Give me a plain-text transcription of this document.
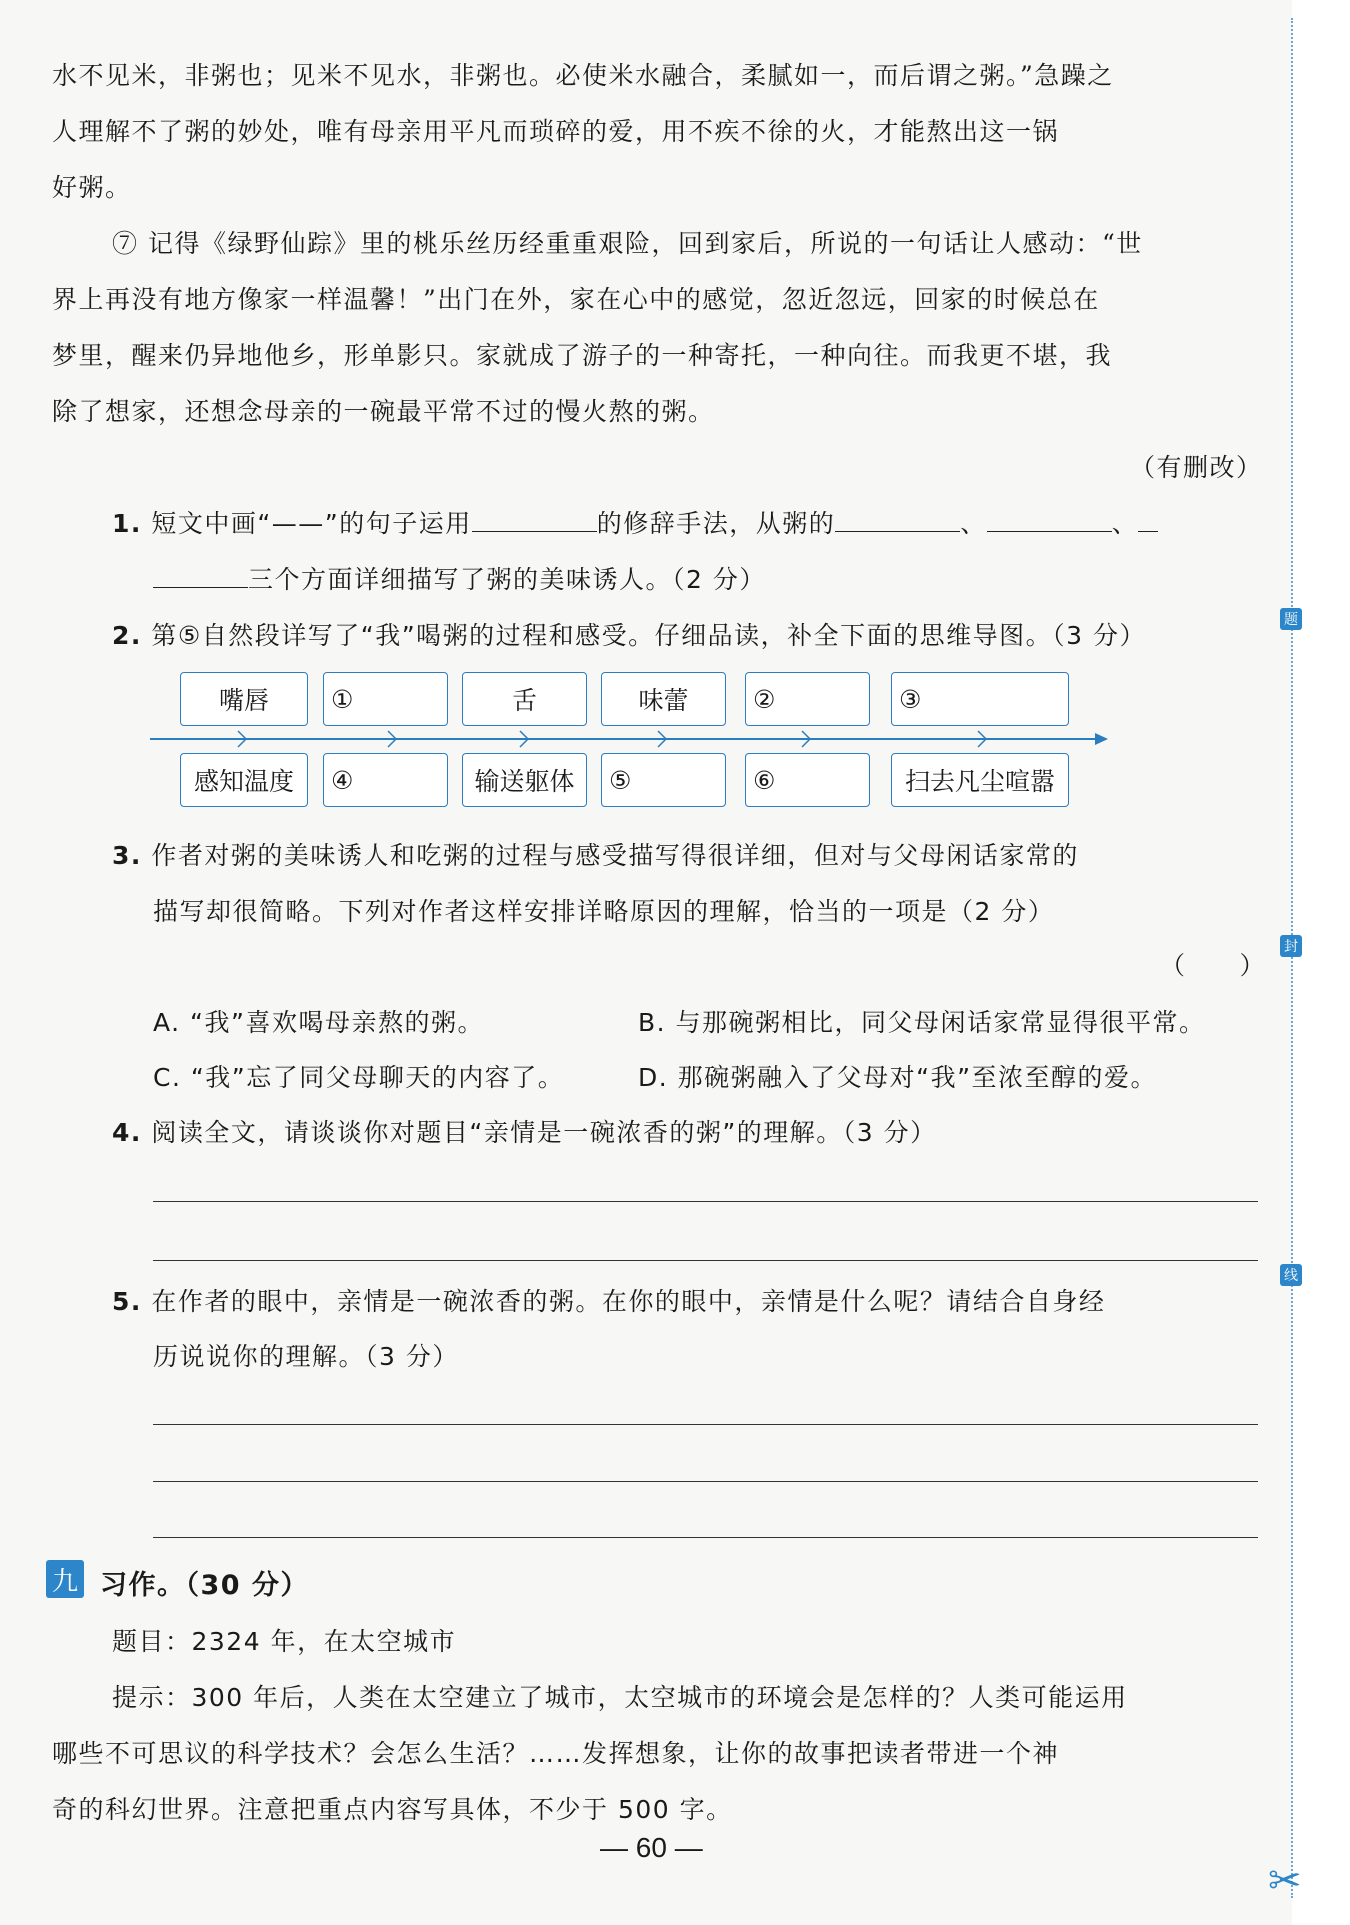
水不见米，非粥也；见米不见水，非粥也。必使米水融合，柔腻如一，而后谓之粥。”急躁之
人理解不了粥的妙处，唯有母亲用平凡而琐碎的爱，用不疾不徐的火，才能熬出这一锅
好粥。
⑦ 记得《绿野仙踪》里的桃乐丝历经重重艰险，回到家后，所说的一句话让人感动：“世
界上再没有地方像家一样温馨！”出门在外，家在心中的感觉，忽近忽远，回家的时候总在
梦里，醒来仍异地他乡，形单影只。家就成了游子的一种寄托，一种向往。而我更不堪，我
除了想家，还想念母亲的一碗最平常不过的慢火熬的粥。
（有删改）
1. 短文中画“——”的句子运用	的修辞手法，从粥的	、	、
三个方面详细描写了粥的美味诱人。（2 分）
2. 第⑤自然段详写了“我”喝粥的过程和感受。仔细品读，补全下面的思维导图。（3 分）
嘴唇	①	舌	味蕾	②	③
感知温度	④	输送躯体	⑤	⑥	扫去凡尘喧嚣
3. 作者对粥的美味诱人和吃粥的过程与感受描写得很详细，但对与父母闲话家常的
描写却很简略。下列对作者这样安排详略原因的理解，恰当的一项是（2 分）
（　　）
A. “我”喜欢喝母亲熬的粥。	B. 与那碗粥相比，同父母闲话家常显得很平常。
C. “我”忘了同父母聊天的内容了。	D. 那碗粥融入了父母对“我”至浓至醇的爱。
4. 阅读全文，请谈谈你对题目“亲情是一碗浓香的粥”的理解。（3 分）
5. 在作者的眼中，亲情是一碗浓香的粥。在你的眼中，亲情是什么呢？请结合自身经
历说说你的理解。（3 分）
九 习作。（30 分）
题目：2324 年，在太空城市
提示：300 年后，人类在太空建立了城市，太空城市的环境会是怎样的？人类可能运用
哪些不可思议的科学技术？会怎么生活？……发挥想象，让你的故事把读者带进一个神
奇的科幻世界。注意把重点内容写具体，不少于 500 字。
— 60 —
题
封
线
✂
